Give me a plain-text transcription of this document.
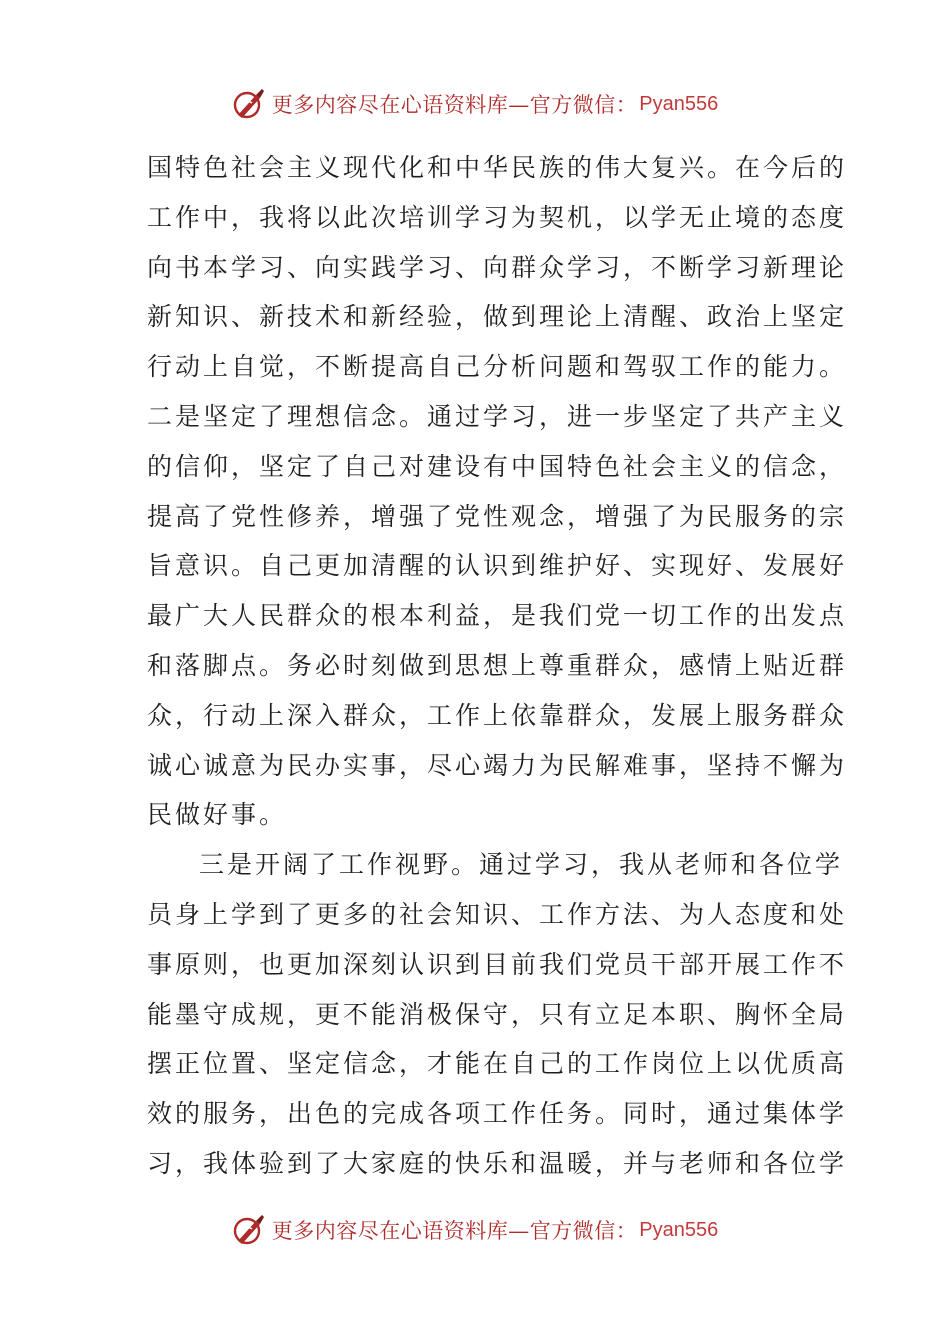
更多内容尽在心语资料库—官方微信： Pyan556
国特色社会主义现代化和中华民族的伟大复兴。在今后的
工作中，我将以此次培训学习为契机，以学无止境的态度
向书本学习、向实践学习、向群众学习，不断学习新理论
新知识、新技术和新经验，做到理论上清醒、政治上坚定
行动上自觉，不断提高自己分析问题和驾驭工作的能力。
二是坚定了理想信念。通过学习，进一步坚定了共产主义
的信仰，坚定了自己对建设有中国特色社会主义的信念，
提高了党性修养，增强了党性观念，增强了为民服务的宗
旨意识。自己更加清醒的认识到维护好、实现好、发展好
最广大人民群众的根本利益，是我们党一切工作的出发点
和落脚点。务必时刻做到思想上尊重群众，感情上贴近群
众，行动上深入群众，工作上依靠群众，发展上服务群众
诚心诚意为民办实事，尽心竭力为民解难事，坚持不懈为
民做好事。
三是开阔了工作视野。通过学习，我从老师和各位学
员身上学到了更多的社会知识、工作方法、为人态度和处
事原则，也更加深刻认识到目前我们党员干部开展工作不
能墨守成规，更不能消极保守，只有立足本职、胸怀全局
摆正位置、坚定信念，才能在自己的工作岗位上以优质高
效的服务，出色的完成各项工作任务。同时，通过集体学
习，我体验到了大家庭的快乐和温暖，并与老师和各位学
更多内容尽在心语资料库—官方微信： Pyan556
